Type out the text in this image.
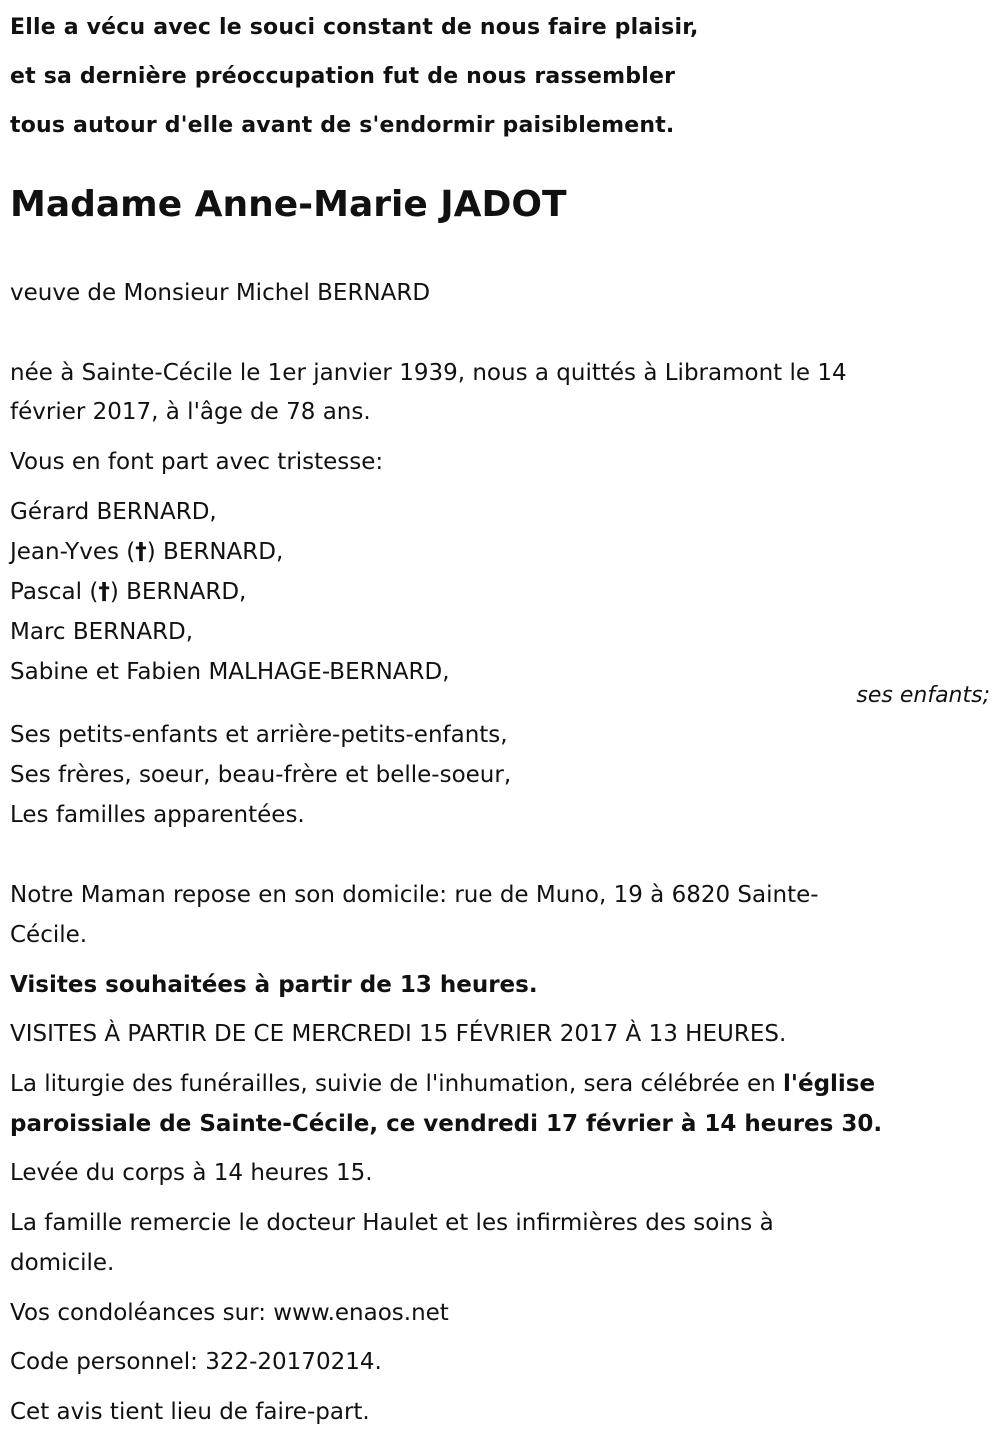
Elle a vécu avec le souci constant de nous faire plaisir,
et sa dernière préoccupation fut de nous rassembler
tous autour d'elle avant de s'endormir paisiblement.
Madame Anne-Marie JADOT
veuve de Monsieur Michel BERNARD
née à Sainte-Cécile le 1er janvier 1939, nous a quittés à Libramont le 14
février 2017, à l'âge de 78 ans.
Vous en font part avec tristesse:
Gérard BERNARD,
Jean-Yves (†) BERNARD,
Pascal (†) BERNARD,
Marc BERNARD,
Sabine et Fabien MALHAGE-BERNARD,
ses enfants;
Ses petits-enfants et arrière-petits-enfants,
Ses frères, soeur, beau-frère et belle-soeur,
Les familles apparentées.
Notre Maman repose en son domicile: rue de Muno, 19 à 6820 Sainte-
Cécile.
Visites souhaitées à partir de 13 heures.
VISITES À PARTIR DE CE MERCREDI 15 FÉVRIER 2017 À 13 HEURES.
La liturgie des funérailles, suivie de l'inhumation, sera célébrée en l'église
paroissiale de Sainte-Cécile, ce vendredi 17 février à 14 heures 30.
Levée du corps à 14 heures 15.
La famille remercie le docteur Haulet et les infirmières des soins à
domicile.
Vos condoléances sur: www.enaos.net
Code personnel: 322-20170214.
Cet avis tient lieu de faire-part.
